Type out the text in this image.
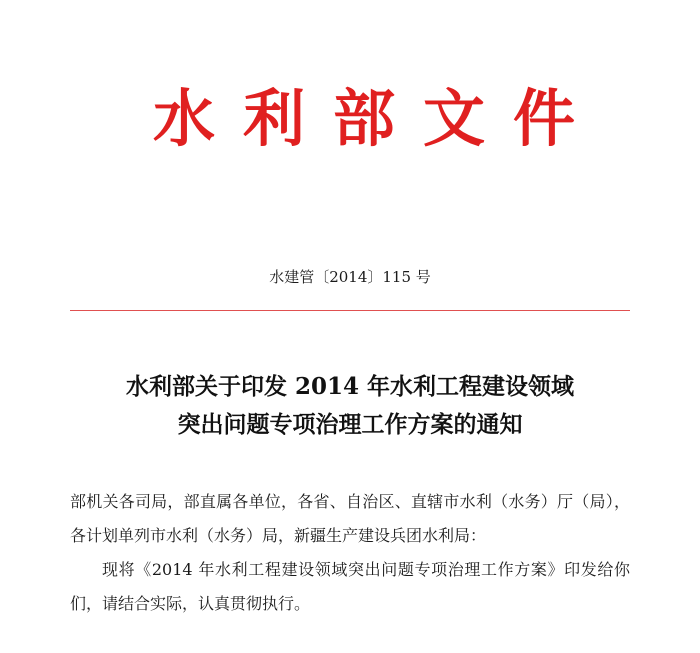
水利部文件
水建管〔2014〕115 号
水利部关于印发 2014 年水利工程建设领域
突出问题专项治理工作方案的通知

部机关各司局，部直属各单位，各省、自治区、直辖市水利（水务）厅（局），各计划单列市水利（水务）局，新疆生产建设兵团水利局：

现将《2014 年水利工程建设领域突出问题专项治理工作方案》印发给你们，请结合实际，认真贯彻执行。
